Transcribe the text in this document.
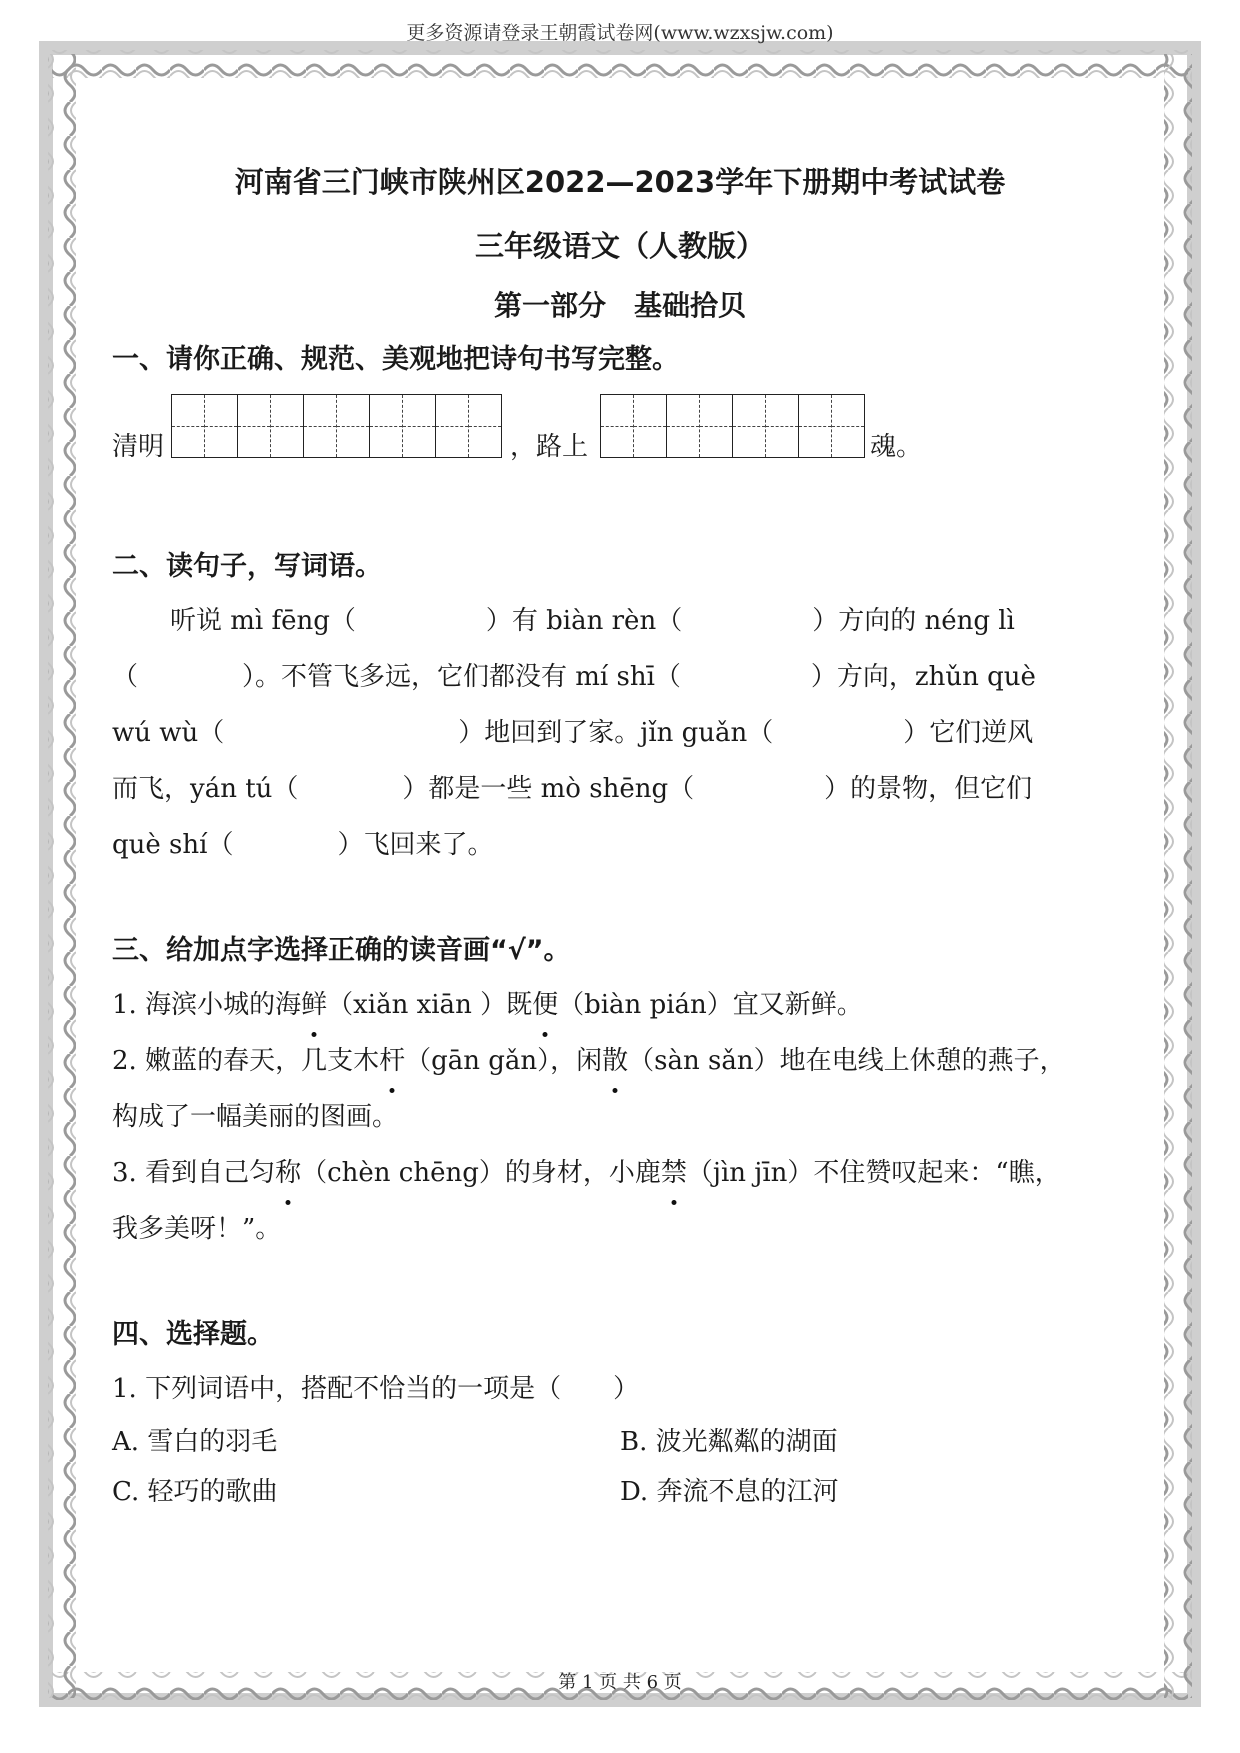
更多资源请登录王朝霞试卷网(www.wzxsjw.com)
河南省三门峡市陕州区2022—2023学年下册期中考试试卷
三年级语文（人教版）
第一部分　基础拾贝
一、请你正确、规范、美观地把诗句书写完整。
清明	，路上	魂。
二、读句子，写词语。
听说 mì fēng（　　　　　）有 biàn rèn（　　　　　）方向的 néng lì
（　　　　）。不管飞多远，它们都没有 mí shī（　　　　　）方向，zhǔn què
wú wù（　　　　　　　　　）地回到了家。jǐn guǎn（　　　　　）它们逆风
而飞，yán tú（　　　　）都是一些 mò shēng（　　　　　）的景物，但它们
què shí（　　　　）飞回来了。
三、给加点字选择正确的读音画“√”。
1. 海滨小城的海鲜（xiǎn xiān ）既便（biàn pián）宜又新鲜。
2. 嫩蓝的春天，几支木杆（gān gǎn），闲散（sàn sǎn）地在电线上休憩的燕子，
构成了一幅美丽的图画。
3. 看到自己匀称（chèn chēng）的身材，小鹿禁（jìn jīn）不住赞叹起来：“瞧，
我多美呀！”。
四、选择题。
1. 下列词语中，搭配不恰当的一项是（　　）
A. 雪白的羽毛	B. 波光粼粼的湖面
C. 轻巧的歌曲	D. 奔流不息的江河
第 1 页 共 6 页
